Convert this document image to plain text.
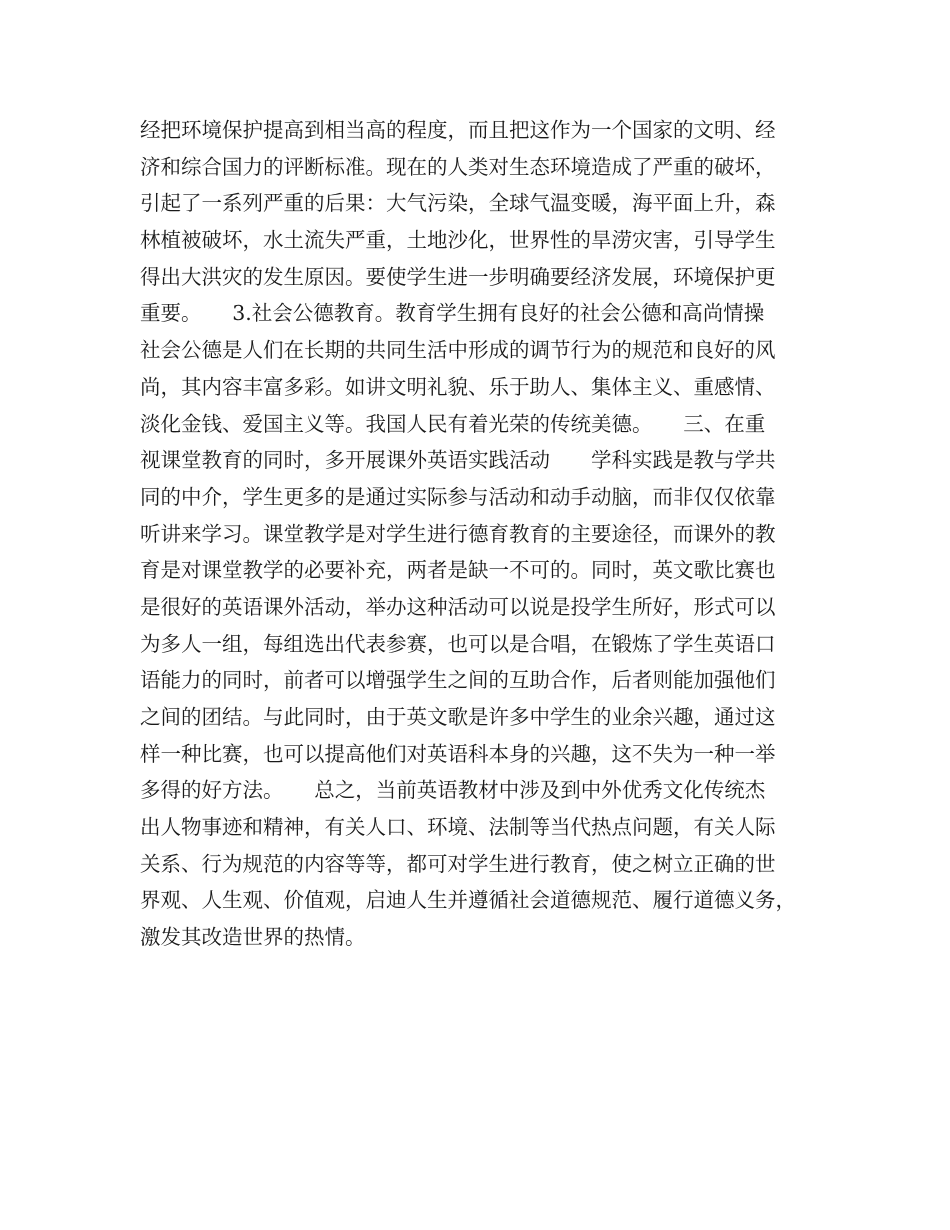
经把环境保护提高到相当高的程度，而且把这作为一个国家的文明、经
济和综合国力的评断标准。现在的人类对生态环境造成了严重的破坏，
引起了一系列严重的后果：大气污染，全球气温变暖，海平面上升，森
林植被破坏，水土流失严重，土地沙化，世界性的旱涝灾害，引导学生
得出大洪灾的发生原因。要使学生进一步明确要经济发展，环境保护更
重要。　　3.社会公德教育。教育学生拥有良好的社会公德和高尚情操
社会公德是人们在长期的共同生活中形成的调节行为的规范和良好的风
尚，其内容丰富多彩。如讲文明礼貌、乐于助人、集体主义、重感情、
淡化金钱、爱国主义等。我国人民有着光荣的传统美德。　　三、在重
视课堂教育的同时，多开展课外英语实践活动　　学科实践是教与学共
同的中介，学生更多的是通过实际参与活动和动手动脑，而非仅仅依靠
听讲来学习。课堂教学是对学生进行德育教育的主要途径，而课外的教
育是对课堂教学的必要补充，两者是缺一不可的。同时，英文歌比赛也
是很好的英语课外活动，举办这种活动可以说是投学生所好，形式可以
为多人一组，每组选出代表参赛，也可以是合唱，在锻炼了学生英语口
语能力的同时，前者可以增强学生之间的互助合作，后者则能加强他们
之间的团结。与此同时，由于英文歌是许多中学生的业余兴趣，通过这
样一种比赛，也可以提高他们对英语科本身的兴趣，这不失为一种一举
多得的好方法。　　总之，当前英语教材中涉及到中外优秀文化传统杰
出人物事迹和精神，有关人口、环境、法制等当代热点问题，有关人际
关系、行为规范的内容等等，都可对学生进行教育，使之树立正确的世
界观、人生观、价值观，启迪人生并遵循社会道德规范、履行道德义务，
激发其改造世界的热情。
